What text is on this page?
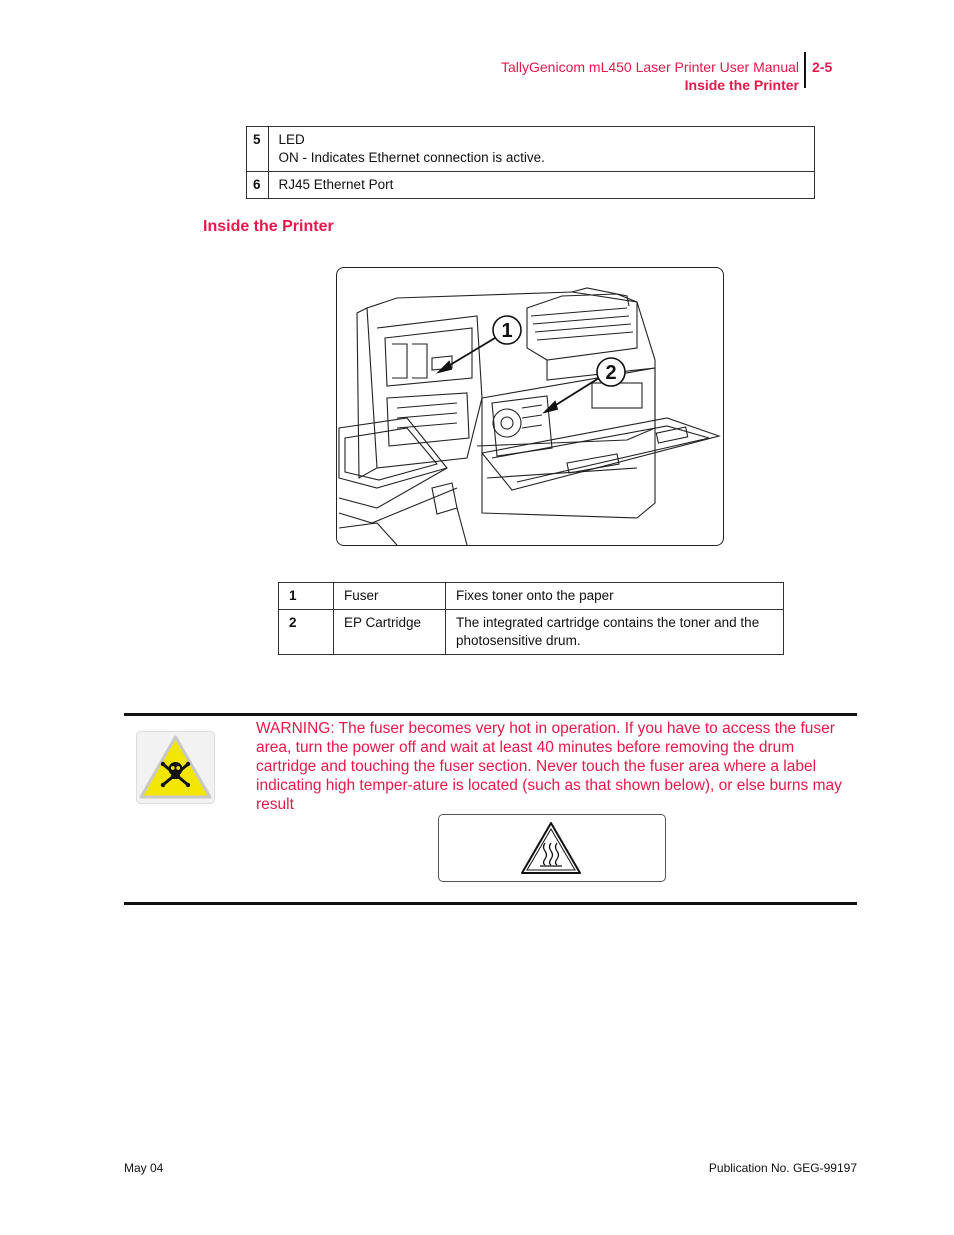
TallyGenicom mL450 Laser Printer User Manual
Inside the Printer
2-5
5	LED
ON - Indicates Ethernet connection is active.

6	RJ45 Ethernet Port
Inside the Printer
1
2
1	Fuser	Fixes toner onto the paper
2	EP Cartridge	The integrated cartridge contains the toner and the photosensitive drum.
WARNING: The fuser becomes very hot in operation. If you have to access the fuser area, turn the power off and wait at least 40 minutes before removing the drum cartridge and touching the fuser section. Never touch the fuser area where a label indicating high temper-ature is located (such as that shown below), or else burns may result
May 04	Publication No. GEG-99197
